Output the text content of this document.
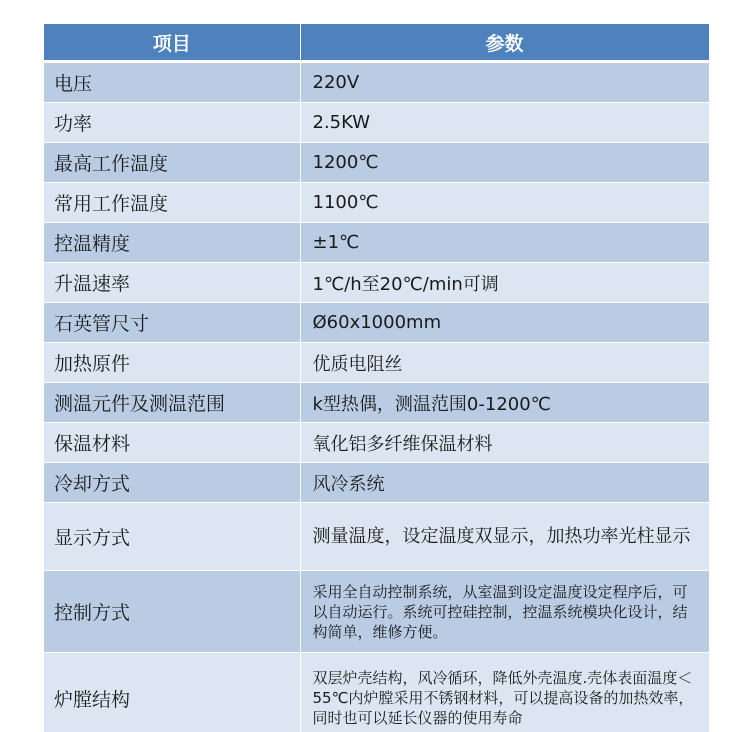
项目	参数
电压	220V
功率	2.5KW
最高工作温度	1200℃
常用工作温度	1100℃
控温精度	±1℃
升温速率	1℃/h至20℃/min可调
石英管尺寸	Ø60x1000mm
加热原件	优质电阻丝
测温元件及测温范围	k型热偶，测温范围0-1200℃
保温材料	氧化铝多纤维保温材料
冷却方式	风冷系统
显示方式	测量温度，设定温度双显示，加热功率光柱显示
控制方式	采用全自动控制系统，从室温到设定温度设定程序后，可以自动运行。系统可控硅控制，控温系统模块化设计，结构简单，维修方便。
炉膛结构	双层炉壳结构，风冷循环，降低外壳温度.壳体表面温度＜55℃内炉膛采用不锈钢材料，可以提高设备的加热效率，同时也可以延长仪器的使用寿命
